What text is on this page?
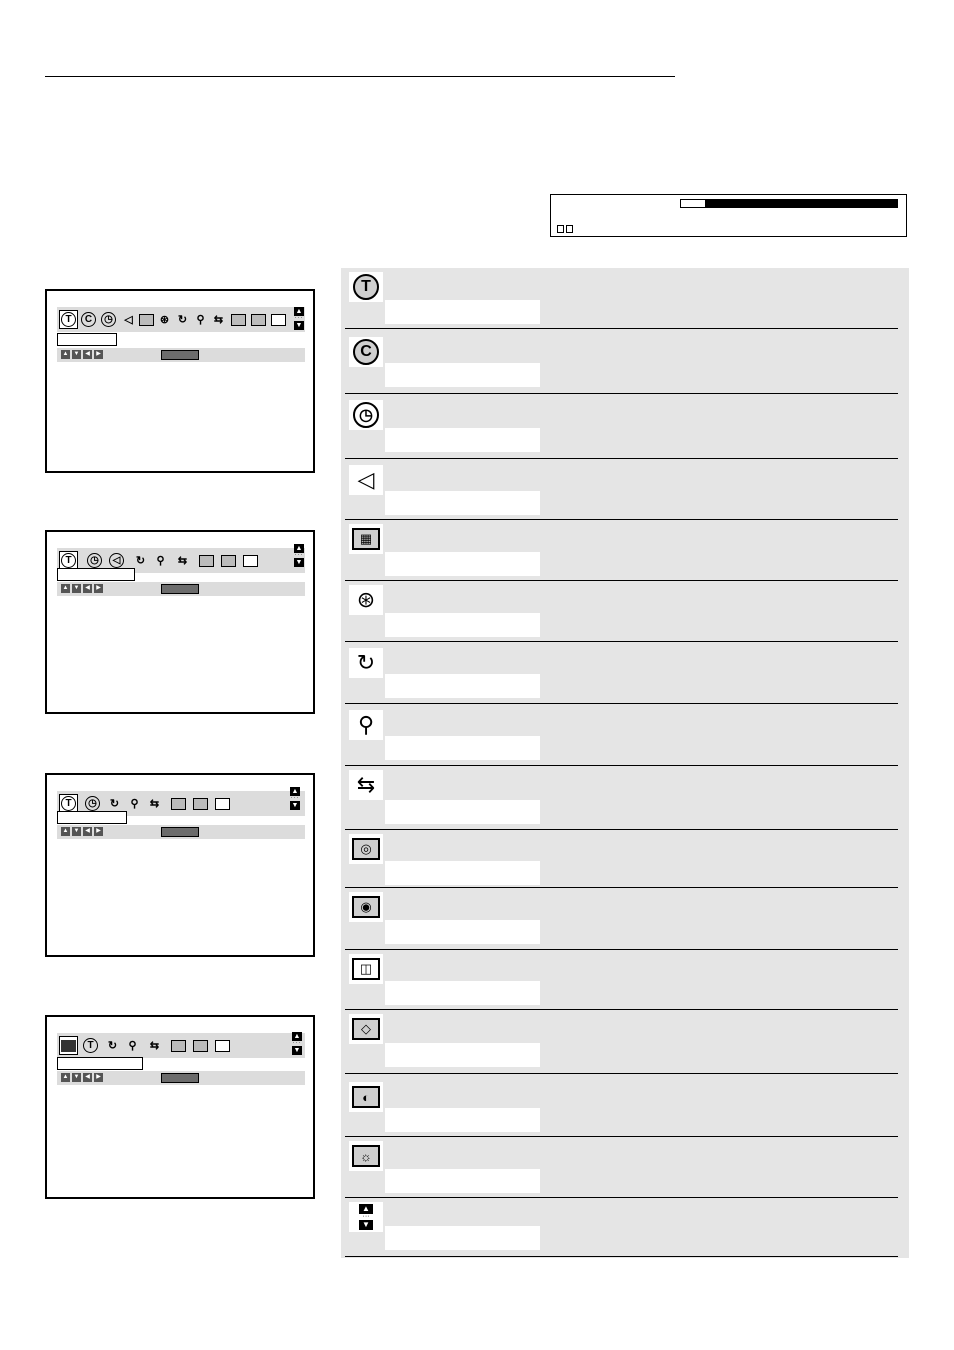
T	C	◷	◁	⊛ ↻ ⚲ ⇆
▲
···
▼
▲ ▼ ◀	▶
T	◷	◁	↻	⚲	⇆
▲
···
▼
▲ ▼ ◀	▶
T	◷	↻	⚲	⇆
▲
···
▼
▲ ▼ ◀	▶
T	↻	⚲	⇆
▲
···
▼
▲ ▼ ◀	▶
T
C
◷
◁
▦
⊛
↻
⚲
⇆
◎
◉
◫
◇
◐
☼
▲
···
▼
